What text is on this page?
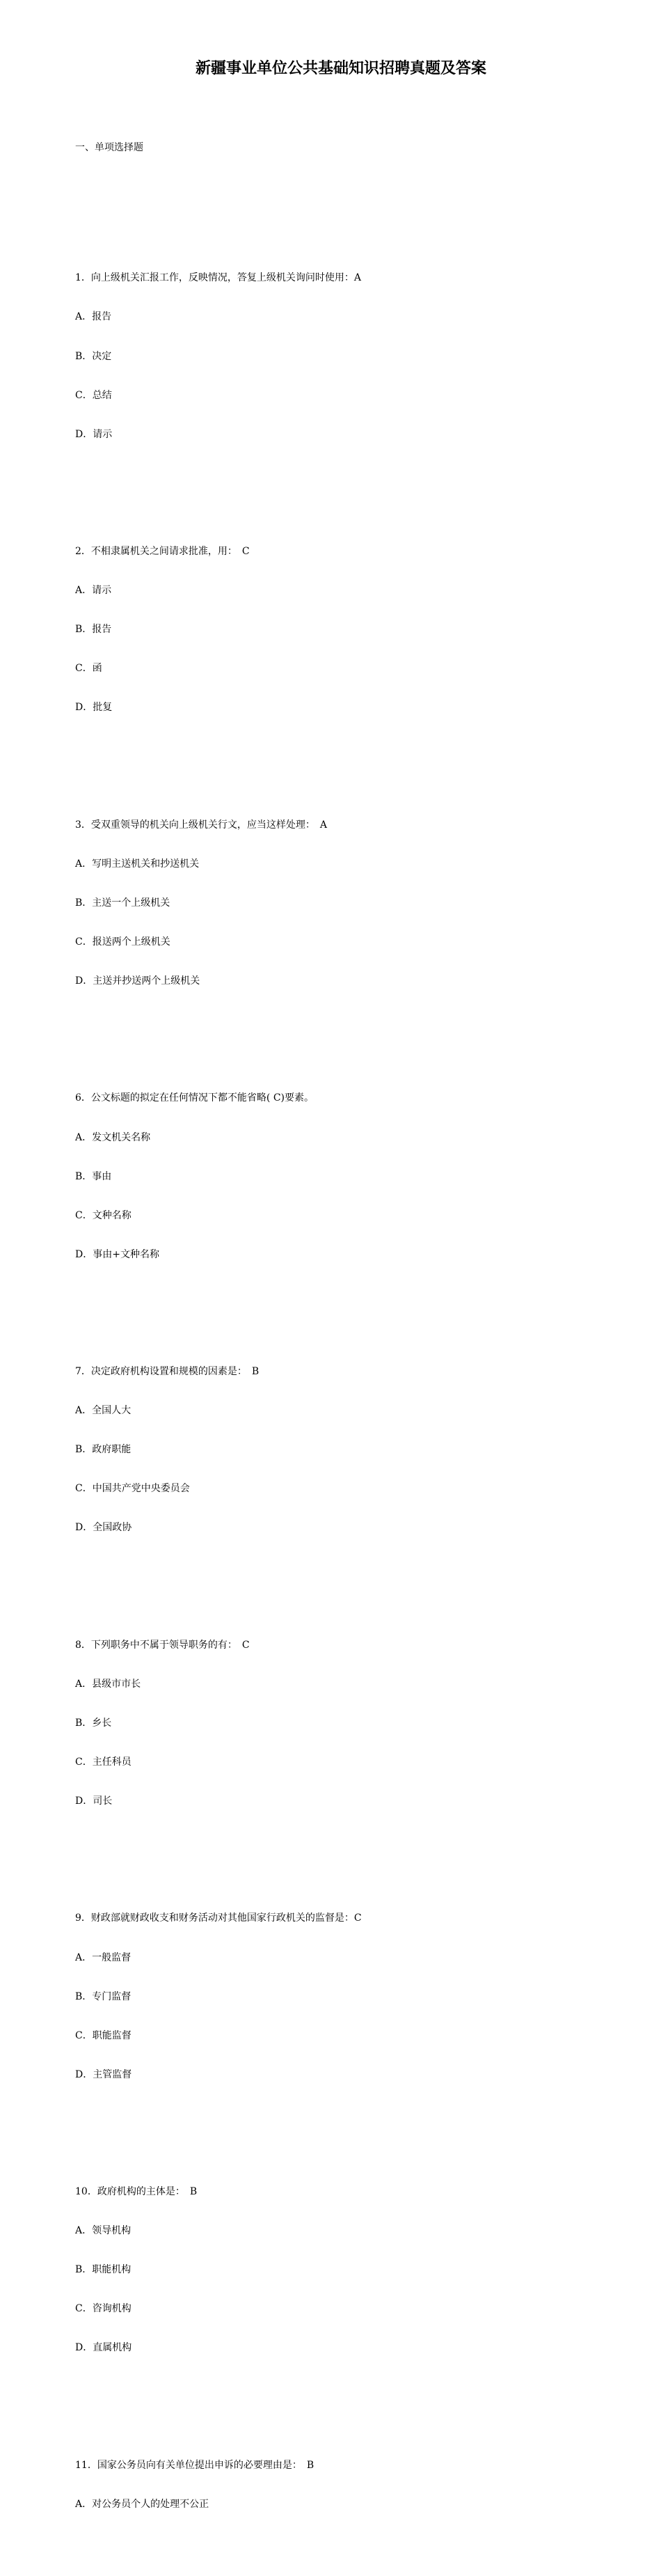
新疆事业单位公共基础知识招聘真题及答案

一、单项选择题

1．向上级机关汇报工作，反映情况，答复上级机关询问时使用：A

A．报告

B．决定

C．总结

D．请示

2．不相隶属机关之间请求批准，用：　C

A．请示

B．报告

C．函

D．批复

3．受双重领导的机关向上级机关行文，应当这样处理：　A

A．写明主送机关和抄送机关

B．主送一个上级机关

C．报送两个上级机关

D．主送并抄送两个上级机关

6．公文标题的拟定在任何情况下都不能省略( C)要素。

A．发文机关名称

B．事由

C．文种名称

D．事由+文种名称

7．决定政府机构设置和规模的因素是：　B

A．全国人大

B．政府职能

C．中国共产党中央委员会

D．全国政协

8．下列职务中不属于领导职务的有：　C

A．县级市市长

B．乡长

C．主任科员

D．司长

9．财政部就财政收支和财务活动对其他国家行政机关的监督是：C

A．一般监督

B．专门监督

C．职能监督

D．主管监督

10．政府机构的主体是：　B

A．领导机构

B．职能机构

C．咨询机构

D．直属机构

11．国家公务员向有关单位提出申诉的必要理由是：　B

A．对公务员个人的处理不公正
